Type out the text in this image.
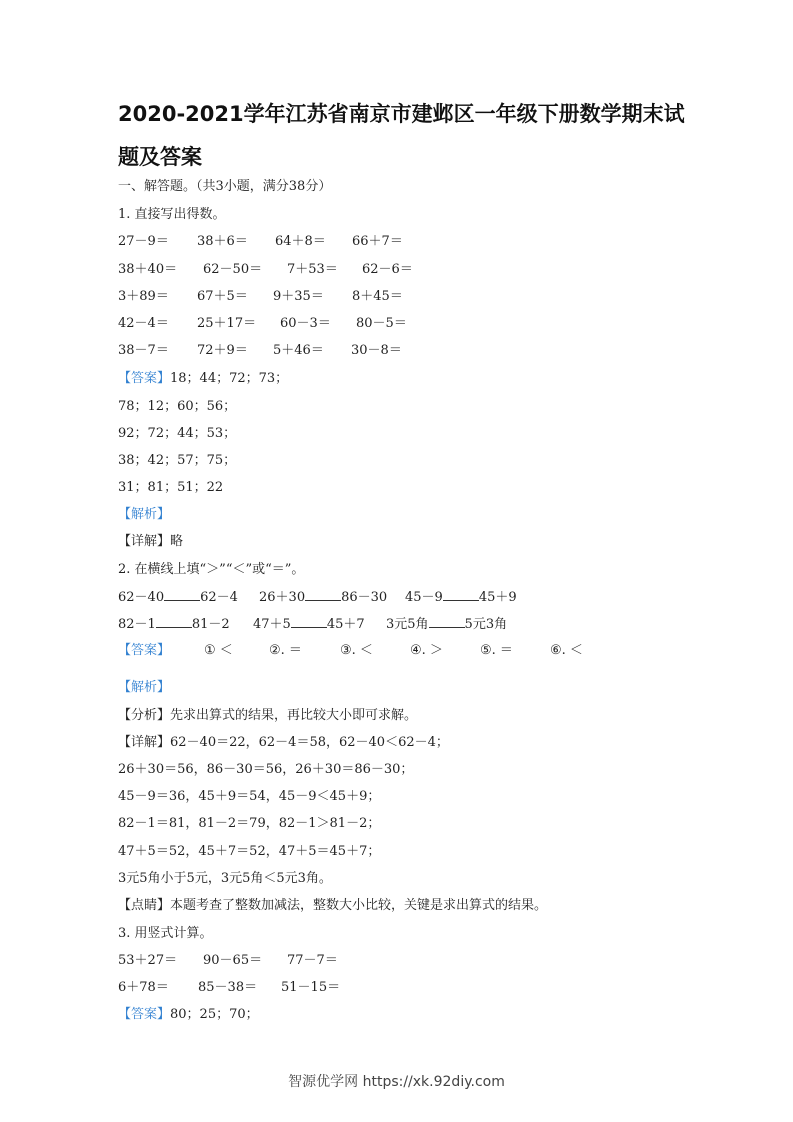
2020-2021学年江苏省南京市建邺区一年级下册数学期末试题及答案
一、解答题。（共3小题，满分38分）
1. 直接写出得数。
27－9＝ 38＋6＝ 64＋8＝ 66＋7＝
38＋40＝ 62－50＝ 7＋53＝ 62－6＝
3＋89＝ 67＋5＝ 9＋35＝ 8＋45＝
42－4＝ 25＋17＝ 60－3＝ 80－5＝
38－7＝ 72＋9＝ 5＋46＝ 30－8＝
【答案】18；44；72；73；
78；12；60；56；
92；72；44；53；
38；42；57；75；
31；81；51；22
【解析】
【详解】略
2. 在横线上填“＞”“＜”或“＝”。
62－40	62－4 26＋30	86－30 45－9	45＋9
82－1	81－2 47＋5	45＋7 3元5角	5元3角
【答案】	① ＜	②. ＝	③. ＜	④. ＞	⑤. ＝	⑥. ＜
【解析】
【分析】先求出算式的结果，再比较大小即可求解。
【详解】62－40＝22，62－4＝58，62－40＜62－4；
26＋30＝56，86－30＝56，26＋30＝86－30；
45－9＝36，45＋9＝54，45－9＜45＋9；
82－1＝81，81－2＝79，82－1＞81－2；
47＋5＝52，45＋7＝52，47＋5＝45＋7；
3元5角小于5元，3元5角＜5元3角。
【点睛】本题考查了整数加减法，整数大小比较，关键是求出算式的结果。
3. 用竖式计算。
53＋27＝ 90－65＝ 77－7＝
6＋78＝ 85－38＝ 51－15＝
【答案】80；25；70；
智源优学网 https://xk.92diy.com
